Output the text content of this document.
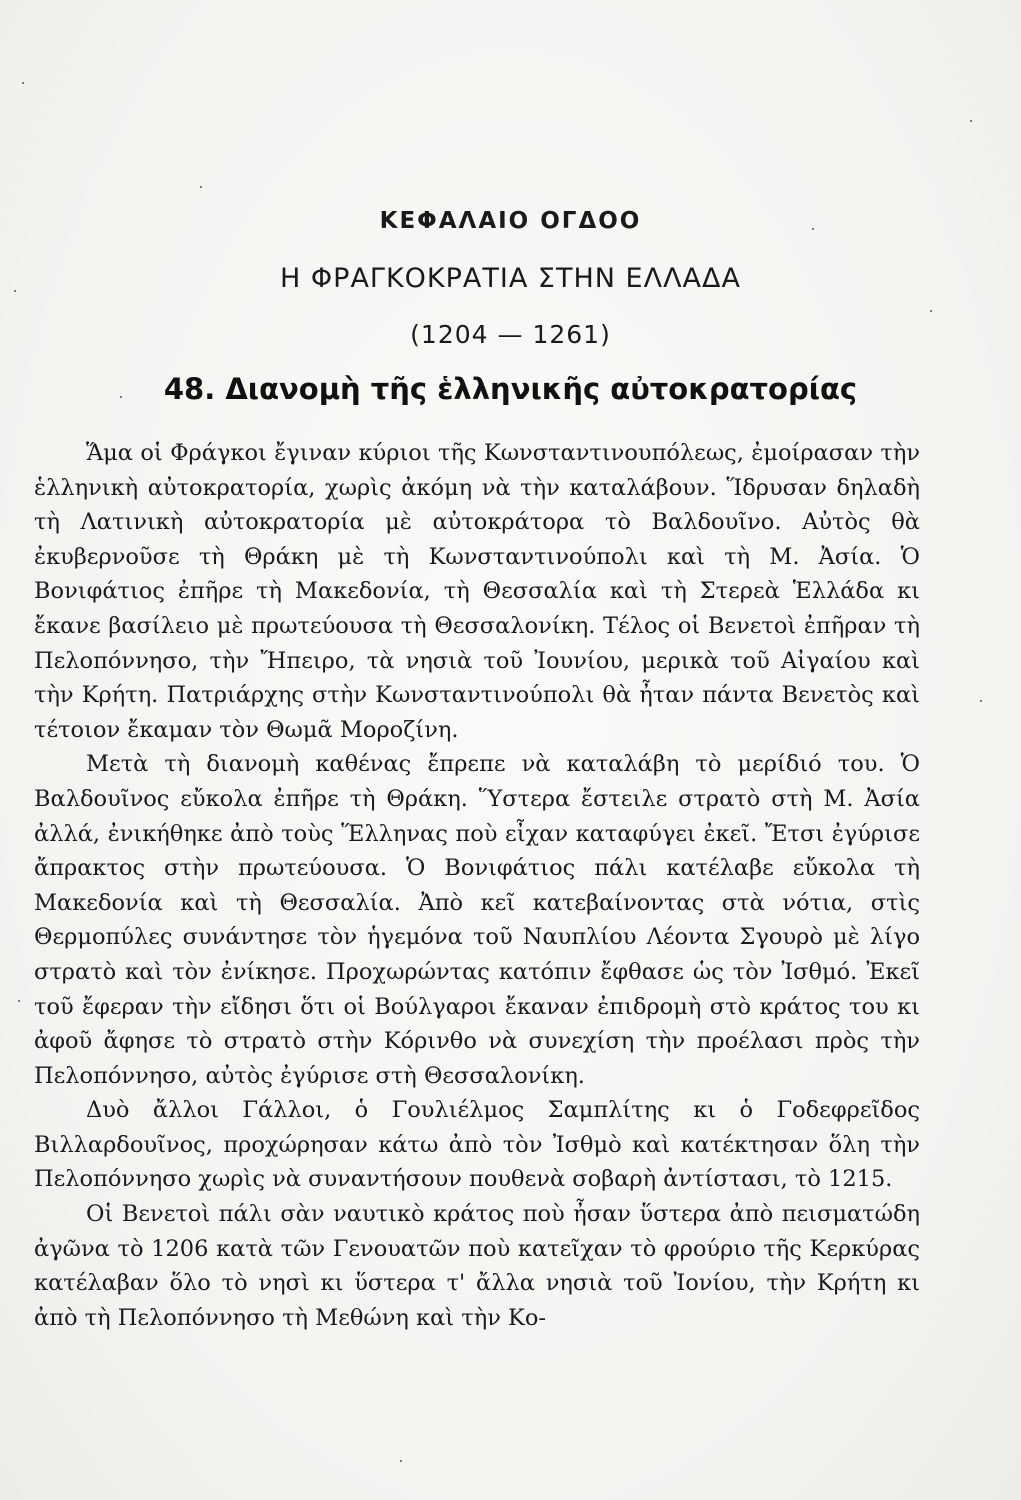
ΚΕΦΑΛΑΙΟ ΟΓΔΟΟ
Η ΦΡΑΓΚΟΚΡΑΤΙΑ ΣΤΗΝ ΕΛΛΑΔΑ
(1204 — 1261)
48. Διανομὴ τῆς ἑλληνικῆς αὐτοκρατορίας

Ἅμα οἱ Φράγκοι ἔγιναν κύριοι τῆς Κωνσταντινουπόλεως, ἐμοίρασαν τὴν ἑλληνικὴ αὐτοκρατορία, χωρὶς ἀκόμη νὰ τὴν καταλάβουν. Ἵδρυσαν δηλαδὴ τὴ Λατινικὴ αὐτοκρατορία μὲ αὐτοκράτορα τὸ Βαλδουῖνο. Αὐτὸς θὰ ἐκυβερνοῦσε τὴ Θράκη μὲ τὴ Κωνσταντινούπολι καὶ τὴ Μ. Ἀσία. Ὁ Βονιφάτιος ἐπῆρε τὴ Μακεδονία, τὴ Θεσσαλία καὶ τὴ Στερεὰ Ἑλλάδα κι ἔκανε βασίλειο μὲ πρωτεύουσα τὴ Θεσσαλονίκη. Τέλος οἱ Βενετοὶ ἐπῆραν τὴ Πελοπόννησο, τὴν Ἤπειρο, τὰ νησιὰ τοῦ Ἰουνίου, μερικὰ τοῦ Αἰγαίου καὶ τὴν Κρήτη. Πατριάρχης στὴν Κωνσταντινούπολι θὰ ἦταν πάντα Βενετὸς καὶ τέτοιον ἔκαμαν τὸν Θωμᾶ Μοροζίνη.

Μετὰ τὴ διανομὴ καθένας ἔπρεπε νὰ καταλάβη τὸ μερίδιό του. Ὁ Βαλδουῖνος εὔκολα ἐπῆρε τὴ Θράκη. Ὕστερα ἔστειλε στρατὸ στὴ Μ. Ἀσία ἀλλά, ἐνικήθηκε ἀπὸ τοὺς Ἕλληνας ποὺ εἶχαν καταφύγει ἐκεῖ. Ἔτσι ἐγύρισε ἄπρακτος στὴν πρωτεύουσα. Ὁ Βονιφάτιος πάλι κατέλαβε εὔκολα τὴ Μακεδονία καὶ τὴ Θεσσαλία. Ἀπὸ κεῖ κατεβαίνοντας στὰ νότια, στὶς Θερμοπύλες συνάντησε τὸν ἡγεμόνα τοῦ Ναυπλίου Λέοντα Σγουρὸ μὲ λίγο στρατὸ καὶ τὸν ἐνίκησε. Προχωρώντας κατόπιν ἔφθασε ὡς τὸν Ἰσθμό. Ἐκεῖ τοῦ ἔφεραν τὴν εἴδησι ὅτι οἱ Βούλγαροι ἔκαναν ἐπιδρομὴ στὸ κράτος του κι ἀφοῦ ἄφησε τὸ στρατὸ στὴν Κόρινθο νὰ συνεχίση τὴν προέλασι πρὸς τὴν Πελοπόννησο, αὐτὸς ἐγύρισε στὴ Θεσσαλονίκη.

Δυὸ ἄλλοι Γάλλοι, ὁ Γουλιέλμος Σαμπλίτης κι ὁ Γοδεφρεῖδος Βιλλαρδουῖνος, προχώρησαν κάτω ἀπὸ τὸν Ἰσθμὸ καὶ κατέκτησαν ὅλη τὴν Πελοπόννησο χωρὶς νὰ συναντήσουν πουθενὰ σοβαρὴ ἀντίστασι, τὸ 1215.

Οἱ Βενετοὶ πάλι σὰν ναυτικὸ κράτος ποὺ ἦσαν ὕστερα ἀπὸ πεισματώδη ἀγῶνα τὸ 1206 κατὰ τῶν Γενουατῶν ποὺ κατεῖχαν τὸ φρούριο τῆς Κερκύρας κατέλαβαν ὅλο τὸ νησὶ κι ὕστερα τ' ἄλλα νησιὰ τοῦ Ἰονίου, τὴν Κρήτη κι ἀπὸ τὴ Πελοπόννησο τὴ Μεθώνη καὶ τὴν Κο-
